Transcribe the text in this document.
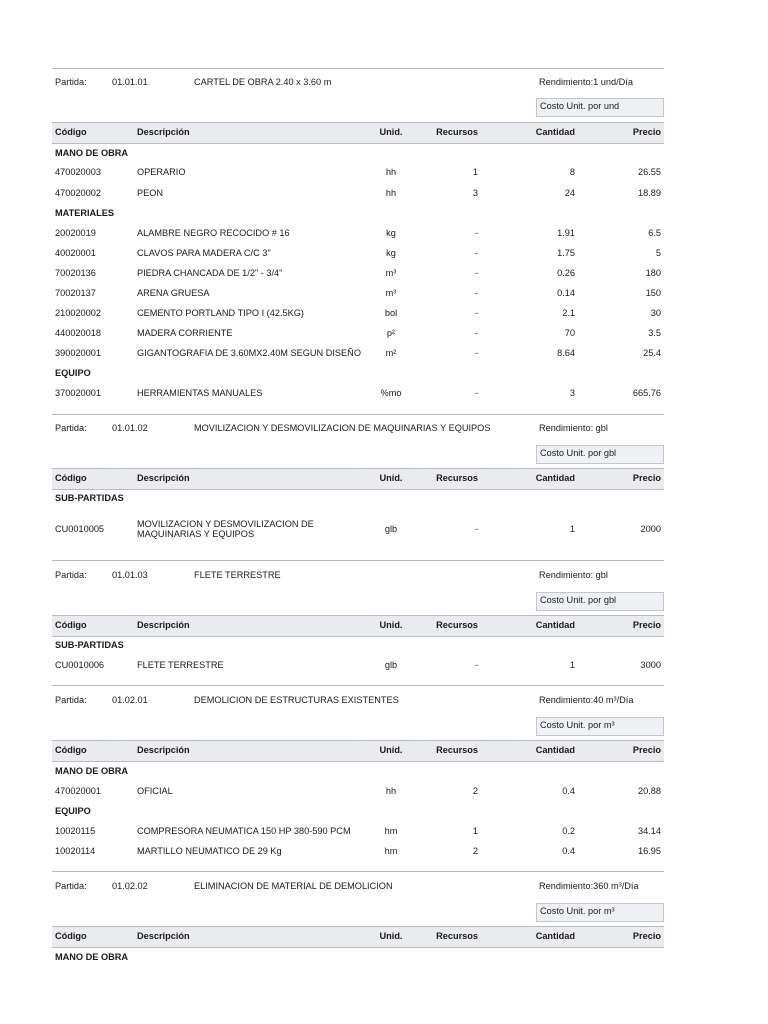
Partida:	01.01.01	CARTEL DE OBRA 2.40 x 3.60 m	Rendimiento:1 und/Día
Costo Unit. por und
Código	Descripción	Unid.	Recursos	Cantidad	Precio
MANO DE OBRA
470020003	OPERARIO	hh	1	8	26.55
470020002	PEON	hh	3	24	18.89
MATERIALES
20020019	ALAMBRE NEGRO RECOCIDO # 16	kg	-	1.91	6.5
40020001	CLAVOS PARA MADERA C/C 3''	kg	-	1.75	5
70020136	PIEDRA CHANCADA DE 1/2" - 3/4"	m³	-	0.26	180
70020137	ARENA GRUESA	m³	-	0.14	150
210020002	CEMENTO PORTLAND TIPO I (42.5KG)	bol	-	2.1	30
440020018	MADERA CORRIENTE	p²	-	70	3.5
390020001	GIGANTOGRAFIA DE 3.60MX2.40M SEGUN DISEÑO	m²	-	8.64	25.4
EQUIPO
370020001	HERRAMIENTAS MANUALES	%mo	-	3	665.76
Partida:	01.01.02	MOVILIZACION Y DESMOVILIZACION DE MAQUINARIAS Y EQUIPOS	Rendimiento: gbl
Costo Unit. por gbl
Código	Descripción	Unid.	Recursos	Cantidad	Precio
SUB-PARTIDAS
CU0010005	MOVILIZACION Y DESMOVILIZACION DE MAQUINARIAS Y EQUIPOS	glb	-	1	2000
Partida:	01.01.03	FLETE TERRESTRE	Rendimiento: gbl
Costo Unit. por gbl
Código	Descripción	Unid.	Recursos	Cantidad	Precio
SUB-PARTIDAS
CU0010006	FLETE TERRESTRE	glb	-	1	3000
Partida:	01.02.01	DEMOLICION DE ESTRUCTURAS EXISTENTES	Rendimiento:40 m³/Día
Costo Unit. por m³
Código	Descripción	Unid.	Recursos	Cantidad	Precio
MANO DE OBRA
470020001	OFICIAL	hh	2	0.4	20.88
EQUIPO
10020115	COMPRESORA NEUMATICA 150 HP 380-590 PCM	hm	1	0.2	34.14
10020114	MARTILLO NEUMATICO DE 29 Kg	hm	2	0.4	16.95
Partida:	01.02.02	ELIMINACION DE MATERIAL DE DEMOLICION	Rendimiento:360 m³/Día
Costo Unit. por m³
Código	Descripción	Unid.	Recursos	Cantidad	Precio
MANO DE OBRA
